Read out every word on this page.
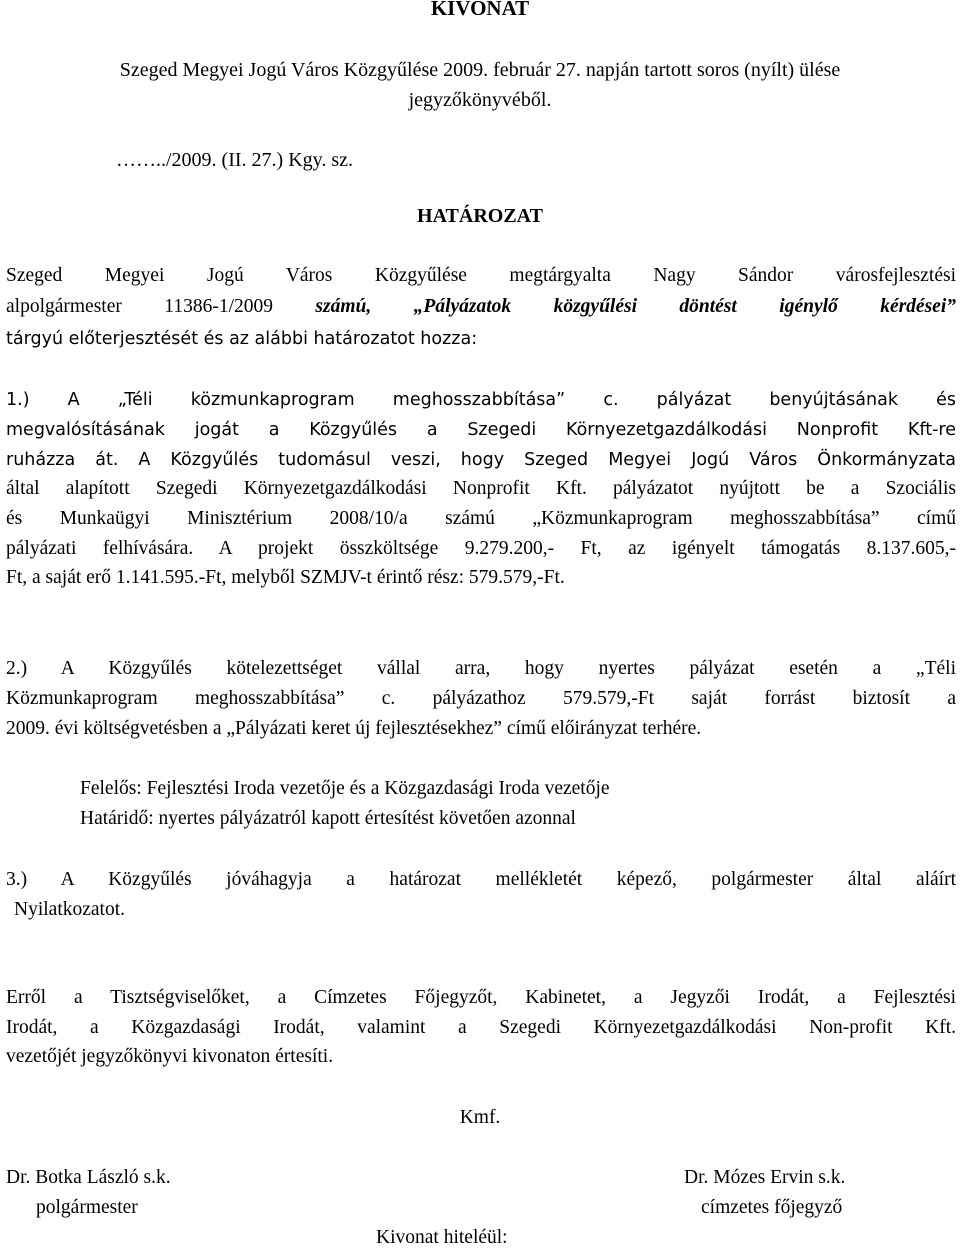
KIVONAT
Szeged Megyei Jogú Város Közgyűlése 2009. február 27. napján tartott soros (nyílt) ülése
jegyzőkönyvéből.
……../2009. (II. 27.) Kgy. sz.
HATÁROZAT
Szeged Megyei Jogú Város Közgyűlése megtárgyalta Nagy Sándor városfejlesztési
alpolgármester 11386-1/2009 számú, „Pályázatok közgyűlési döntést igénylő kérdései”
tárgyú előterjesztését és az alábbi határozatot hozza:
1.) A „Téli közmunkaprogram meghosszabbítása” c. pályázat benyújtásának és
megvalósításának jogát a Közgyűlés a Szegedi Környezetgazdálkodási Nonprofit Kft-re
ruházza át. A Közgyűlés tudomásul veszi, hogy Szeged Megyei Jogú Város Önkormányzata
által alapított Szegedi Környezetgazdálkodási Nonprofit Kft. pályázatot nyújtott be a Szociális
és Munkaügyi Minisztérium 2008/10/a számú „Közmunkaprogram meghosszabbítása” című
pályázati felhívására. A projekt összköltsége 9.279.200,- Ft, az igényelt támogatás 8.137.605,-
Ft, a saját erő 1.141.595.-Ft, melyből SZMJV-t érintő rész: 579.579,-Ft.
2.) A Közgyűlés kötelezettséget vállal arra, hogy nyertes pályázat esetén a „Téli
Közmunkaprogram meghosszabbítása” c. pályázathoz 579.579,-Ft saját forrást biztosít a
2009. évi költségvetésben a „Pályázati keret új fejlesztésekhez” című előirányzat terhére.
Felelős: Fejlesztési Iroda vezetője és a Közgazdasági Iroda vezetője
Határidő: nyertes pályázatról kapott értesítést követően azonnal
3.) A Közgyűlés jóváhagyja a határozat mellékletét képező, polgármester által aláírt
Nyilatkozatot.
Erről a Tisztségviselőket, a Címzetes Főjegyzőt, Kabinetet, a Jegyzői Irodát, a Fejlesztési
Irodát, a Közgazdasági Irodát, valamint a Szegedi Környezetgazdálkodási Non-profit Kft.
vezetőjét jegyzőkönyvi kivonaton értesíti.
Kmf.
Dr. Botka László s.k.
polgármester
Dr. Mózes Ervin s.k.
címzetes főjegyző
Kivonat hiteléül:
